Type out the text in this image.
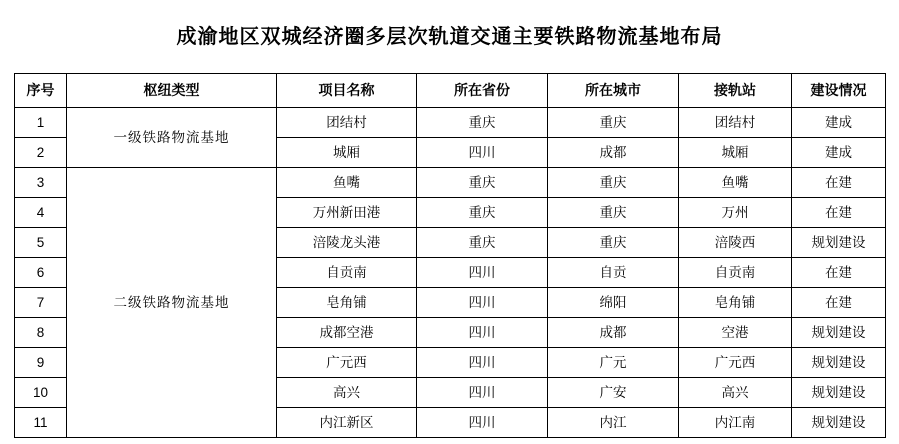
成渝地区双城经济圈多层次轨道交通主要铁路物流基地布局
序号	枢纽类型	项目名称	所在省份	所在城市	接轨站	建设情况
1	一级铁路物流基地	团结村	重庆	重庆	团结村	建成
2		城厢	四川	成都	城厢	建成
3	二级铁路物流基地	鱼嘴	重庆	重庆	鱼嘴	在建
4		万州新田港	重庆	重庆	万州	在建
5		涪陵龙头港	重庆	重庆	涪陵西	规划建设
6		自贡南	四川	自贡	自贡南	在建
7		皂角铺	四川	绵阳	皂角铺	在建
8		成都空港	四川	成都	空港	规划建设
9		广元西	四川	广元	广元西	规划建设
10		高兴	四川	广安	高兴	规划建设
11		内江新区	四川	内江	内江南	规划建设
